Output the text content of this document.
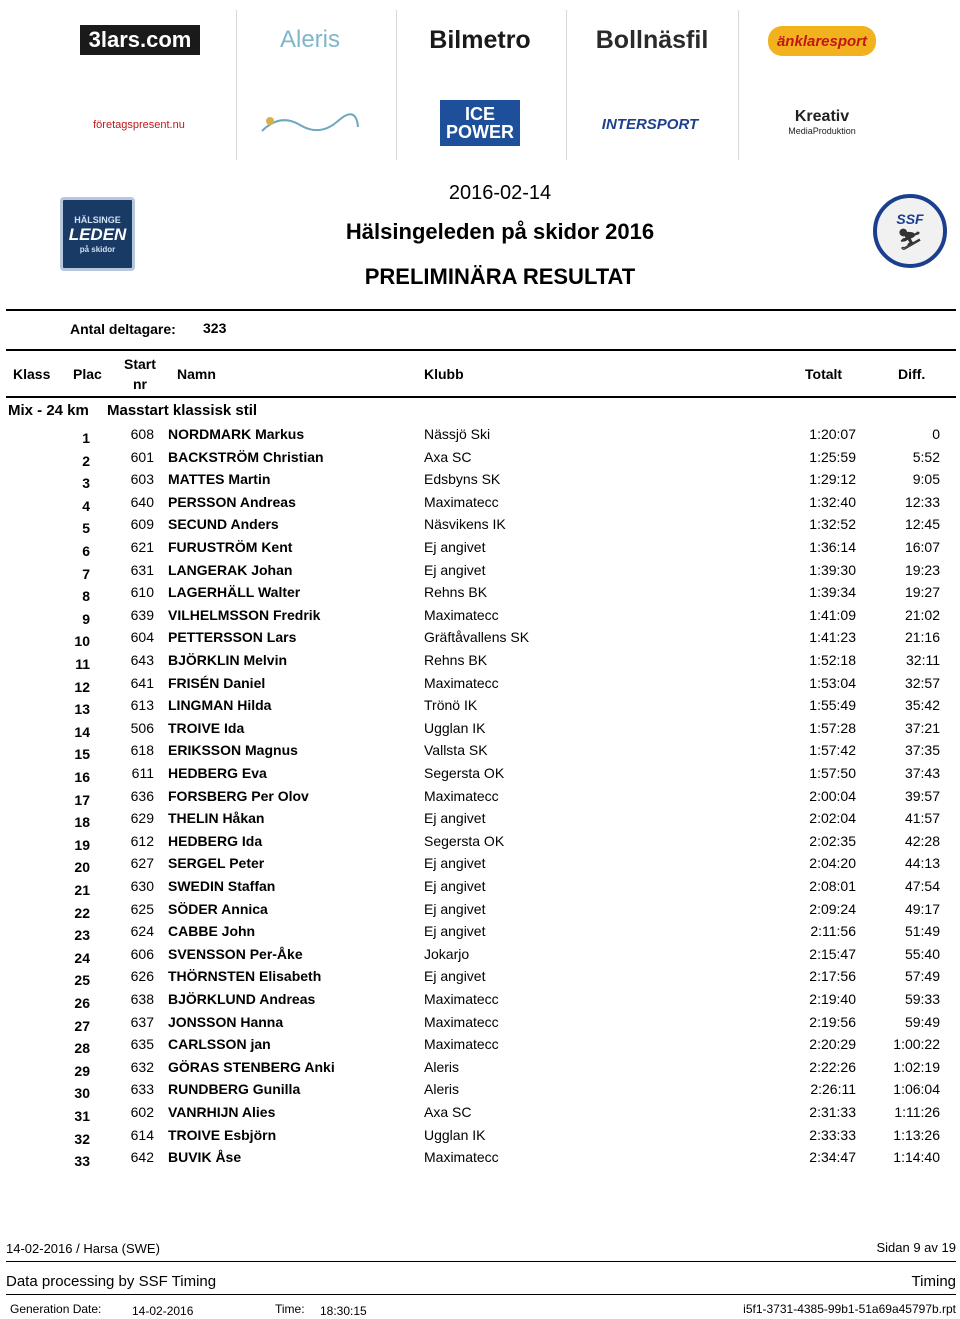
3lars.com	Aleris	Bilmetro	Bollnäsfil	änklaresport
företagspresent.nu
ICE
POWER	INTERSPORT	Kreativ
MediaProduktion
HÄLSINGE
LEDEN
på skidor
SSF
⛷
2016-02-14
Hälsingeleden på skidor 2016
PRELIMINÄRA RESULTAT
Antal deltagare: 323
Klass Plac
Start
nr
Namn	Klubb	Totalt	Diff.
Mix - 24 km Masstart klassisk stil
1	608 NORDMARK Markus	Nässjö Ski	1:20:07	0
2	601 BACKSTRÖM Christian	Axa SC	1:25:59	5:52
3	603 MATTES Martin	Edsbyns SK	1:29:12	9:05
4	640 PERSSON Andreas	Maximatecc	1:32:40	12:33
5	609 SECUND Anders	Näsvikens IK	1:32:52	12:45
6	621 FURUSTRÖM Kent	Ej angivet	1:36:14	16:07
7	631 LANGERAK Johan	Ej angivet	1:39:30	19:23
8	610 LAGERHÄLL Walter	Rehns BK	1:39:34	19:27
9	639 VILHELMSSON Fredrik	Maximatecc	1:41:09	21:02
10	604 PETTERSSON Lars	Gräftåvallens SK	1:41:23	21:16
11	643 BJÖRKLIN Melvin	Rehns BK	1:52:18	32:11
12	641 FRISÉN Daniel	Maximatecc	1:53:04	32:57
13	613 LINGMAN Hilda	Trönö IK	1:55:49	35:42
14	506 TROIVE Ida	Ugglan IK	1:57:28	37:21
15	618 ERIKSSON Magnus	Vallsta SK	1:57:42	37:35
16	611 HEDBERG Eva	Segersta OK	1:57:50	37:43
17	636 FORSBERG Per Olov	Maximatecc	2:00:04	39:57
18	629 THELIN Håkan	Ej angivet	2:02:04	41:57
19	612 HEDBERG Ida	Segersta OK	2:02:35	42:28
20	627 SERGEL Peter	Ej angivet	2:04:20	44:13
21	630 SWEDIN Staffan	Ej angivet	2:08:01	47:54
22	625 SÖDER Annica	Ej angivet	2:09:24	49:17
23	624 CABBE John	Ej angivet	2:11:56	51:49
24	606 SVENSSON Per-Åke	Jokarjo	2:15:47	55:40
25	626 THÖRNSTEN Elisabeth	Ej angivet	2:17:56	57:49
26	638 BJÖRKLUND Andreas	Maximatecc	2:19:40	59:33
27	637 JONSSON Hanna	Maximatecc	2:19:56	59:49
28	635 CARLSSON jan	Maximatecc	2:20:29	1:00:22
29	632 GÖRAS STENBERG Anki	Aleris	2:22:26	1:02:19
30	633 RUNDBERG Gunilla	Aleris	2:26:11	1:06:04
31	602 VANRHIJN Alies	Axa SC	2:31:33	1:11:26
32	614 TROIVE Esbjörn	Ugglan IK	2:33:33	1:13:26
33	642 BUVIK Åse	Maximatecc	2:34:47	1:14:40
14-02-2016 / Harsa (SWE)	Sidan 9 av 19
Data processing by SSF Timing	Timing
Generation Date:	14-02-2016	Time: 18:30:15	i5f1-3731-4385-99b1-51a69a45797b.rpt
